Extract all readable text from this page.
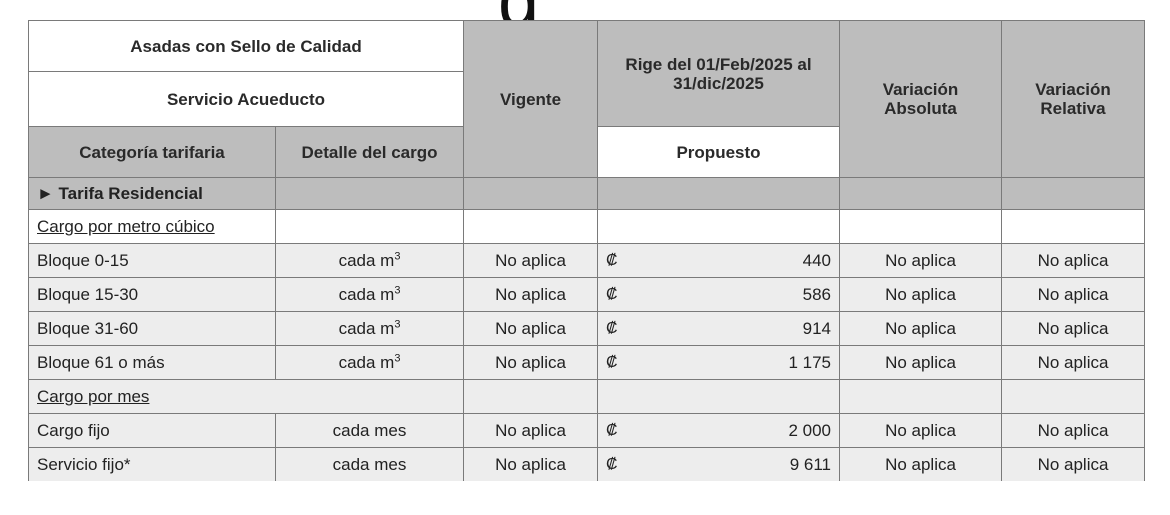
Asadas con Sello de Calidad		Vigente	Rige del 01/Feb/2025 al 31/dic/2025	Variación Absoluta	Variación Relativa
Servicio Acueducto					
Categoría tarifaria	Detalle del cargo		Propuesto		
► Tarifa Residencial					
Cargo por metro cúbico					
Bloque 0-15	cada $m^3$	No aplica	₡ 440	No aplica	No aplica
Bloque 15-30	cada $m^3$	No aplica	₡ 586	No aplica	No aplica
Bloque 31-60	cada $m^3$	No aplica	₡ 914	No aplica	No aplica
Bloque 61 o más	cada $m^3$	No aplica	₡ 1 175	No aplica	No aplica
Cargo por mes					
Cargo fijo	cada mes	No aplica	₡ 2 000	No aplica	No aplica
Servicio fijo*	cada mes	No aplica	₡ 9 611	No aplica	No aplica
